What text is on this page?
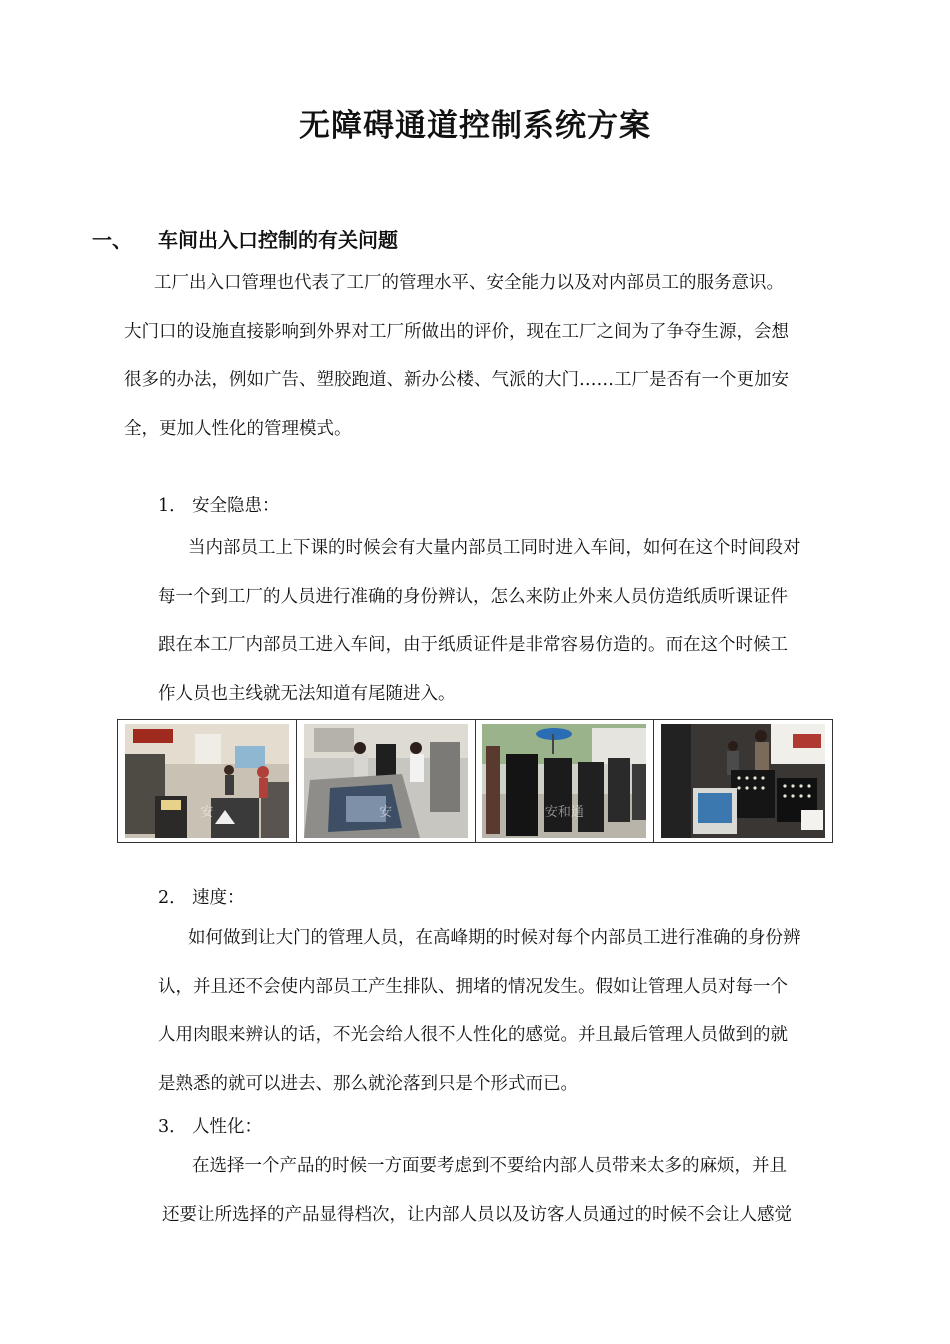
无障碍通道控制系统方案
一、 车间出入口控制的有关问题
工厂出入口管理也代表了工厂的管理水平、安全能力以及对内部员工的服务意识。
大门口的设施直接影响到外界对工厂所做出的评价，现在工厂之间为了争夺生源，会想
很多的办法，例如广告、塑胶跑道、新办公楼、气派的大门……工厂是否有一个更加安
全，更加人性化的管理模式。
1． 安全隐患：
当内部员工上下课的时候会有大量内部员工同时进入车间，如何在这个时间段对
每一个到工厂的人员进行准确的身份辨认，怎么来防止外来人员仿造纸质听课证件
跟在本工厂内部员工进入车间，由于纸质证件是非常容易仿造的。而在这个时候工
作人员也主线就无法知道有尾随进入。
安	安	安和通
2． 速度：
如何做到让大门的管理人员，在高峰期的时候对每个内部员工进行准确的身份辨
认，并且还不会使内部员工产生排队、拥堵的情况发生。假如让管理人员对每一个
人用肉眼来辨认的话，不光会给人很不人性化的感觉。并且最后管理人员做到的就
是熟悉的就可以进去、那么就沦落到只是个形式而已。
3． 人性化：
在选择一个产品的时候一方面要考虑到不要给内部人员带来太多的麻烦，并且
还要让所选择的产品显得档次，让内部人员以及访客人员通过的时候不会让人感觉
